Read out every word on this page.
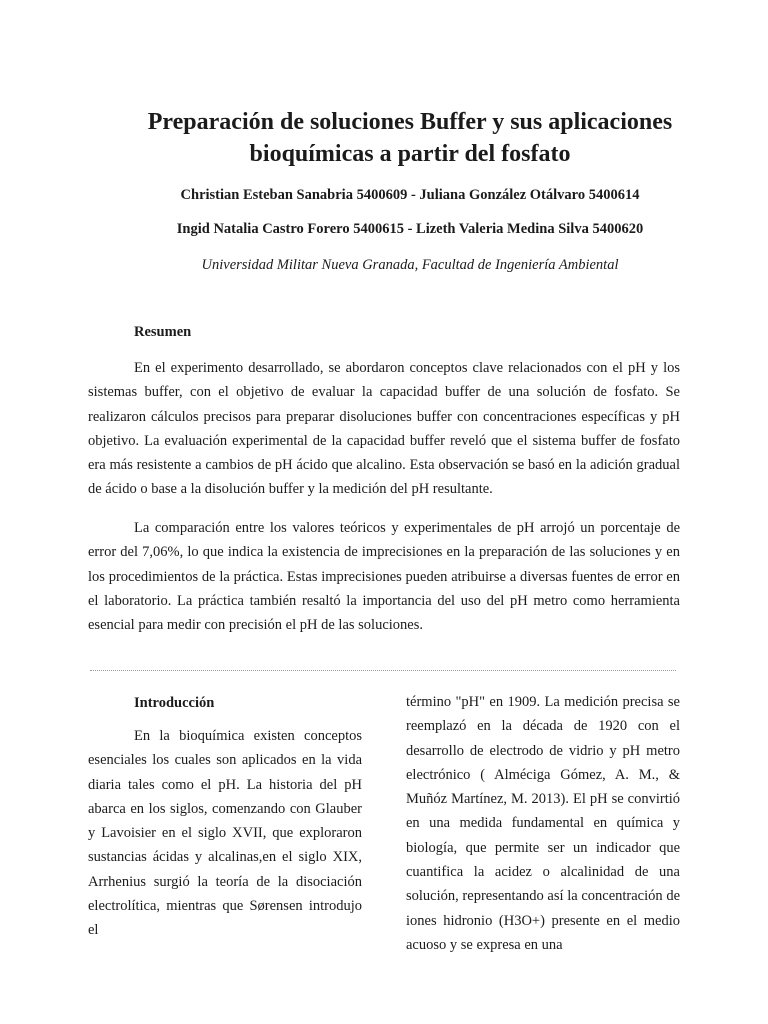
Preparación de soluciones Buffer y sus aplicaciones
bioquímicas a partir del fosfato
Christian Esteban Sanabria 5400609 - Juliana González Otálvaro 5400614
Ingid Natalia Castro Forero 5400615 - Lizeth Valeria Medina Silva 5400620
Universidad Militar Nueva Granada, Facultad de Ingeniería Ambiental
Resumen

En el experimento desarrollado, se abordaron conceptos clave relacionados con el pH y los sistemas buffer, con el objetivo de evaluar la capacidad buffer de una solución de fosfato. Se realizaron cálculos precisos para preparar disoluciones buffer con concentraciones específicas y pH objetivo. La evaluación experimental de la capacidad buffer reveló que el sistema buffer de fosfato era más resistente a cambios de pH ácido que alcalino. Esta observación se basó en la adición gradual de ácido o base a la disolución buffer y la medición del pH resultante.

La comparación entre los valores teóricos y experimentales de pH arrojó un porcentaje de error del 7,06%, lo que indica la existencia de imprecisiones en la preparación de las soluciones y en los procedimientos de la práctica. Estas imprecisiones pueden atribuirse a diversas fuentes de error en el laboratorio. La práctica también resaltó la importancia del uso del pH metro como herramienta esencial para medir con precisión el pH de las soluciones.

Introducción

En la bioquímica existen conceptos esenciales los cuales son aplicados en la vida diaria tales como el pH. La historia del pH abarca en los siglos, comenzando con Glauber y Lavoisier en el siglo XVII, que exploraron sustancias ácidas y alcalinas,en el siglo XIX, Arrhenius surgió la teoría de la disociación electrolítica, mientras que Sørensen introdujo el

término "pH" en 1909. La medición precisa se reemplazó en la década de 1920 con el desarrollo de electrodo de vidrio y pH metro electrónico ( Almécigа Gómez, A. M., & Muñóz Martínez, M. 2013). El pH se convirtió en una medida fundamental en química y biología, que permite ser un indicador que cuantifica la acidez o alcalinidad de una solución, representando así la concentración de iones hidronio (H3O+) presente en el medio acuoso y se expresa en una
